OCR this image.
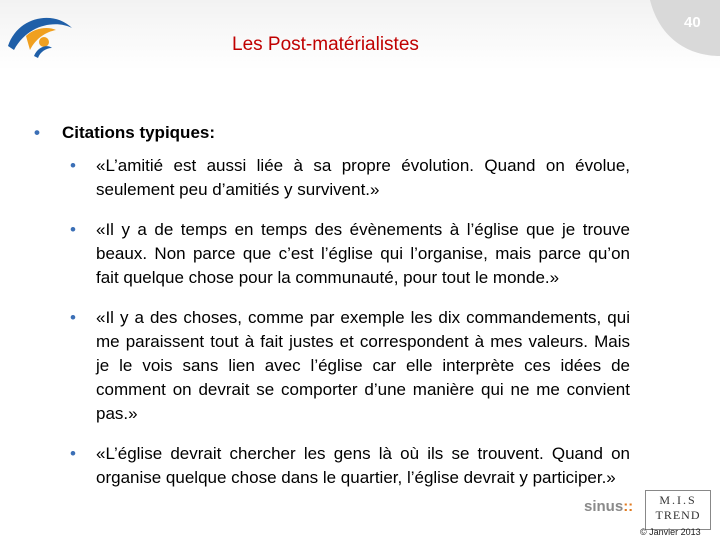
Les Post-matérialistes
40
• Citations typiques:
• «L’amitié est aussi liée à sa propre évolution. Quand on évolue, seulement peu d’amitiés y survivent.»
• «Il y a de temps en temps des évènements à l’église que je trouve beaux. Non parce que c’est l’église qui l’organise, mais parce qu’on fait quelque chose pour la communauté, pour tout le monde.»
• «Il y a des choses, comme par exemple les dix commandements, qui me paraissent tout à fait justes et correspondent à mes valeurs. Mais je le vois sans lien avec l’église car elle interprète ces idées de comment on devrait se comporter d’une manière qui ne me convient pas.»
• «L’église devrait chercher les gens là où ils se trouvent. Quand on organise quelque chose dans le quartier, l’église devrait y participer.»
sinus::	M.I.S
TREND
© Janvier 2013
